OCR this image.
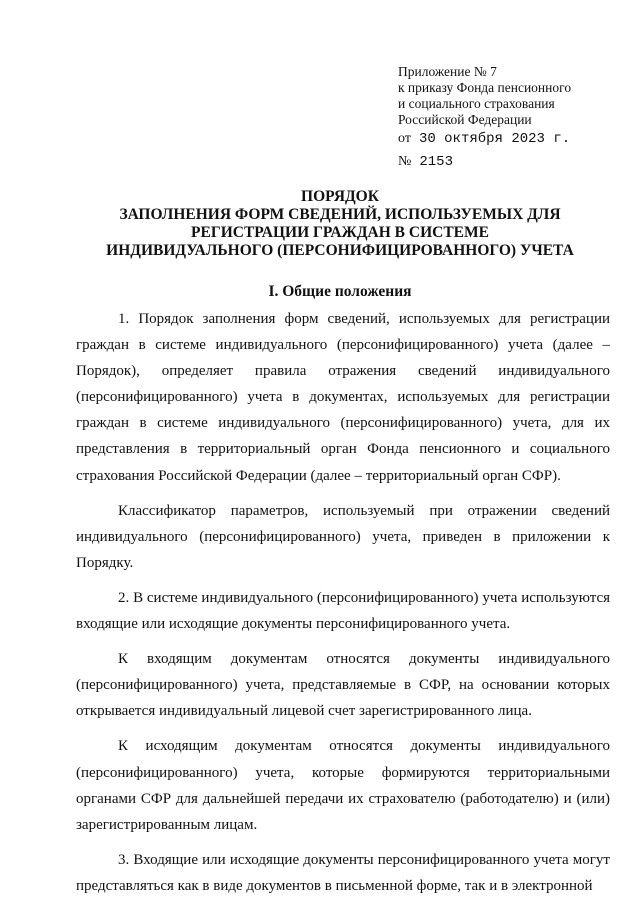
Приложение № 7
к приказу Фонда пенсионного
и социального страхования
Российской Федерации
от 30 октября 2023 г.
№ 2153
ПОРЯДОК
ЗАПОЛНЕНИЯ ФОРМ СВЕДЕНИЙ, ИСПОЛЬЗУЕМЫХ ДЛЯ
РЕГИСТРАЦИИ ГРАЖДАН В СИСТЕМЕ
ИНДИВИДУАЛЬНОГО (ПЕРСОНИФИЦИРОВАННОГО) УЧЕТА
I. Общие положения

1. Порядок заполнения форм сведений, используемых для регистрации граждан в системе индивидуального (персонифицированного) учета (далее – Порядок), определяет правила отражения сведений индивидуального (персонифицированного) учета в документах, используемых для регистрации граждан в системе индивидуального (персонифицированного) учета, для их представления в территориальный орган Фонда пенсионного и социального страхования Российской Федерации (далее – территориальный орган СФР).

Классификатор параметров, используемый при отражении сведений индивидуального (персонифицированного) учета, приведен в приложении к Порядку.

2. В системе индивидуального (персонифицированного) учета используются входящие или исходящие документы персонифицированного учета.

К входящим документам относятся документы индивидуального (персонифицированного) учета, представляемые в СФР, на основании которых открывается индивидуальный лицевой счет зарегистрированного лица.

К исходящим документам относятся документы индивидуального (персонифицированного) учета, которые формируются территориальными органами СФР для дальнейшей передачи их страхователю (работодателю) и (или) зарегистрированным лицам.

3. Входящие или исходящие документы персонифицированного учета могут представляться как в виде документов в письменной форме, так и в электронной
